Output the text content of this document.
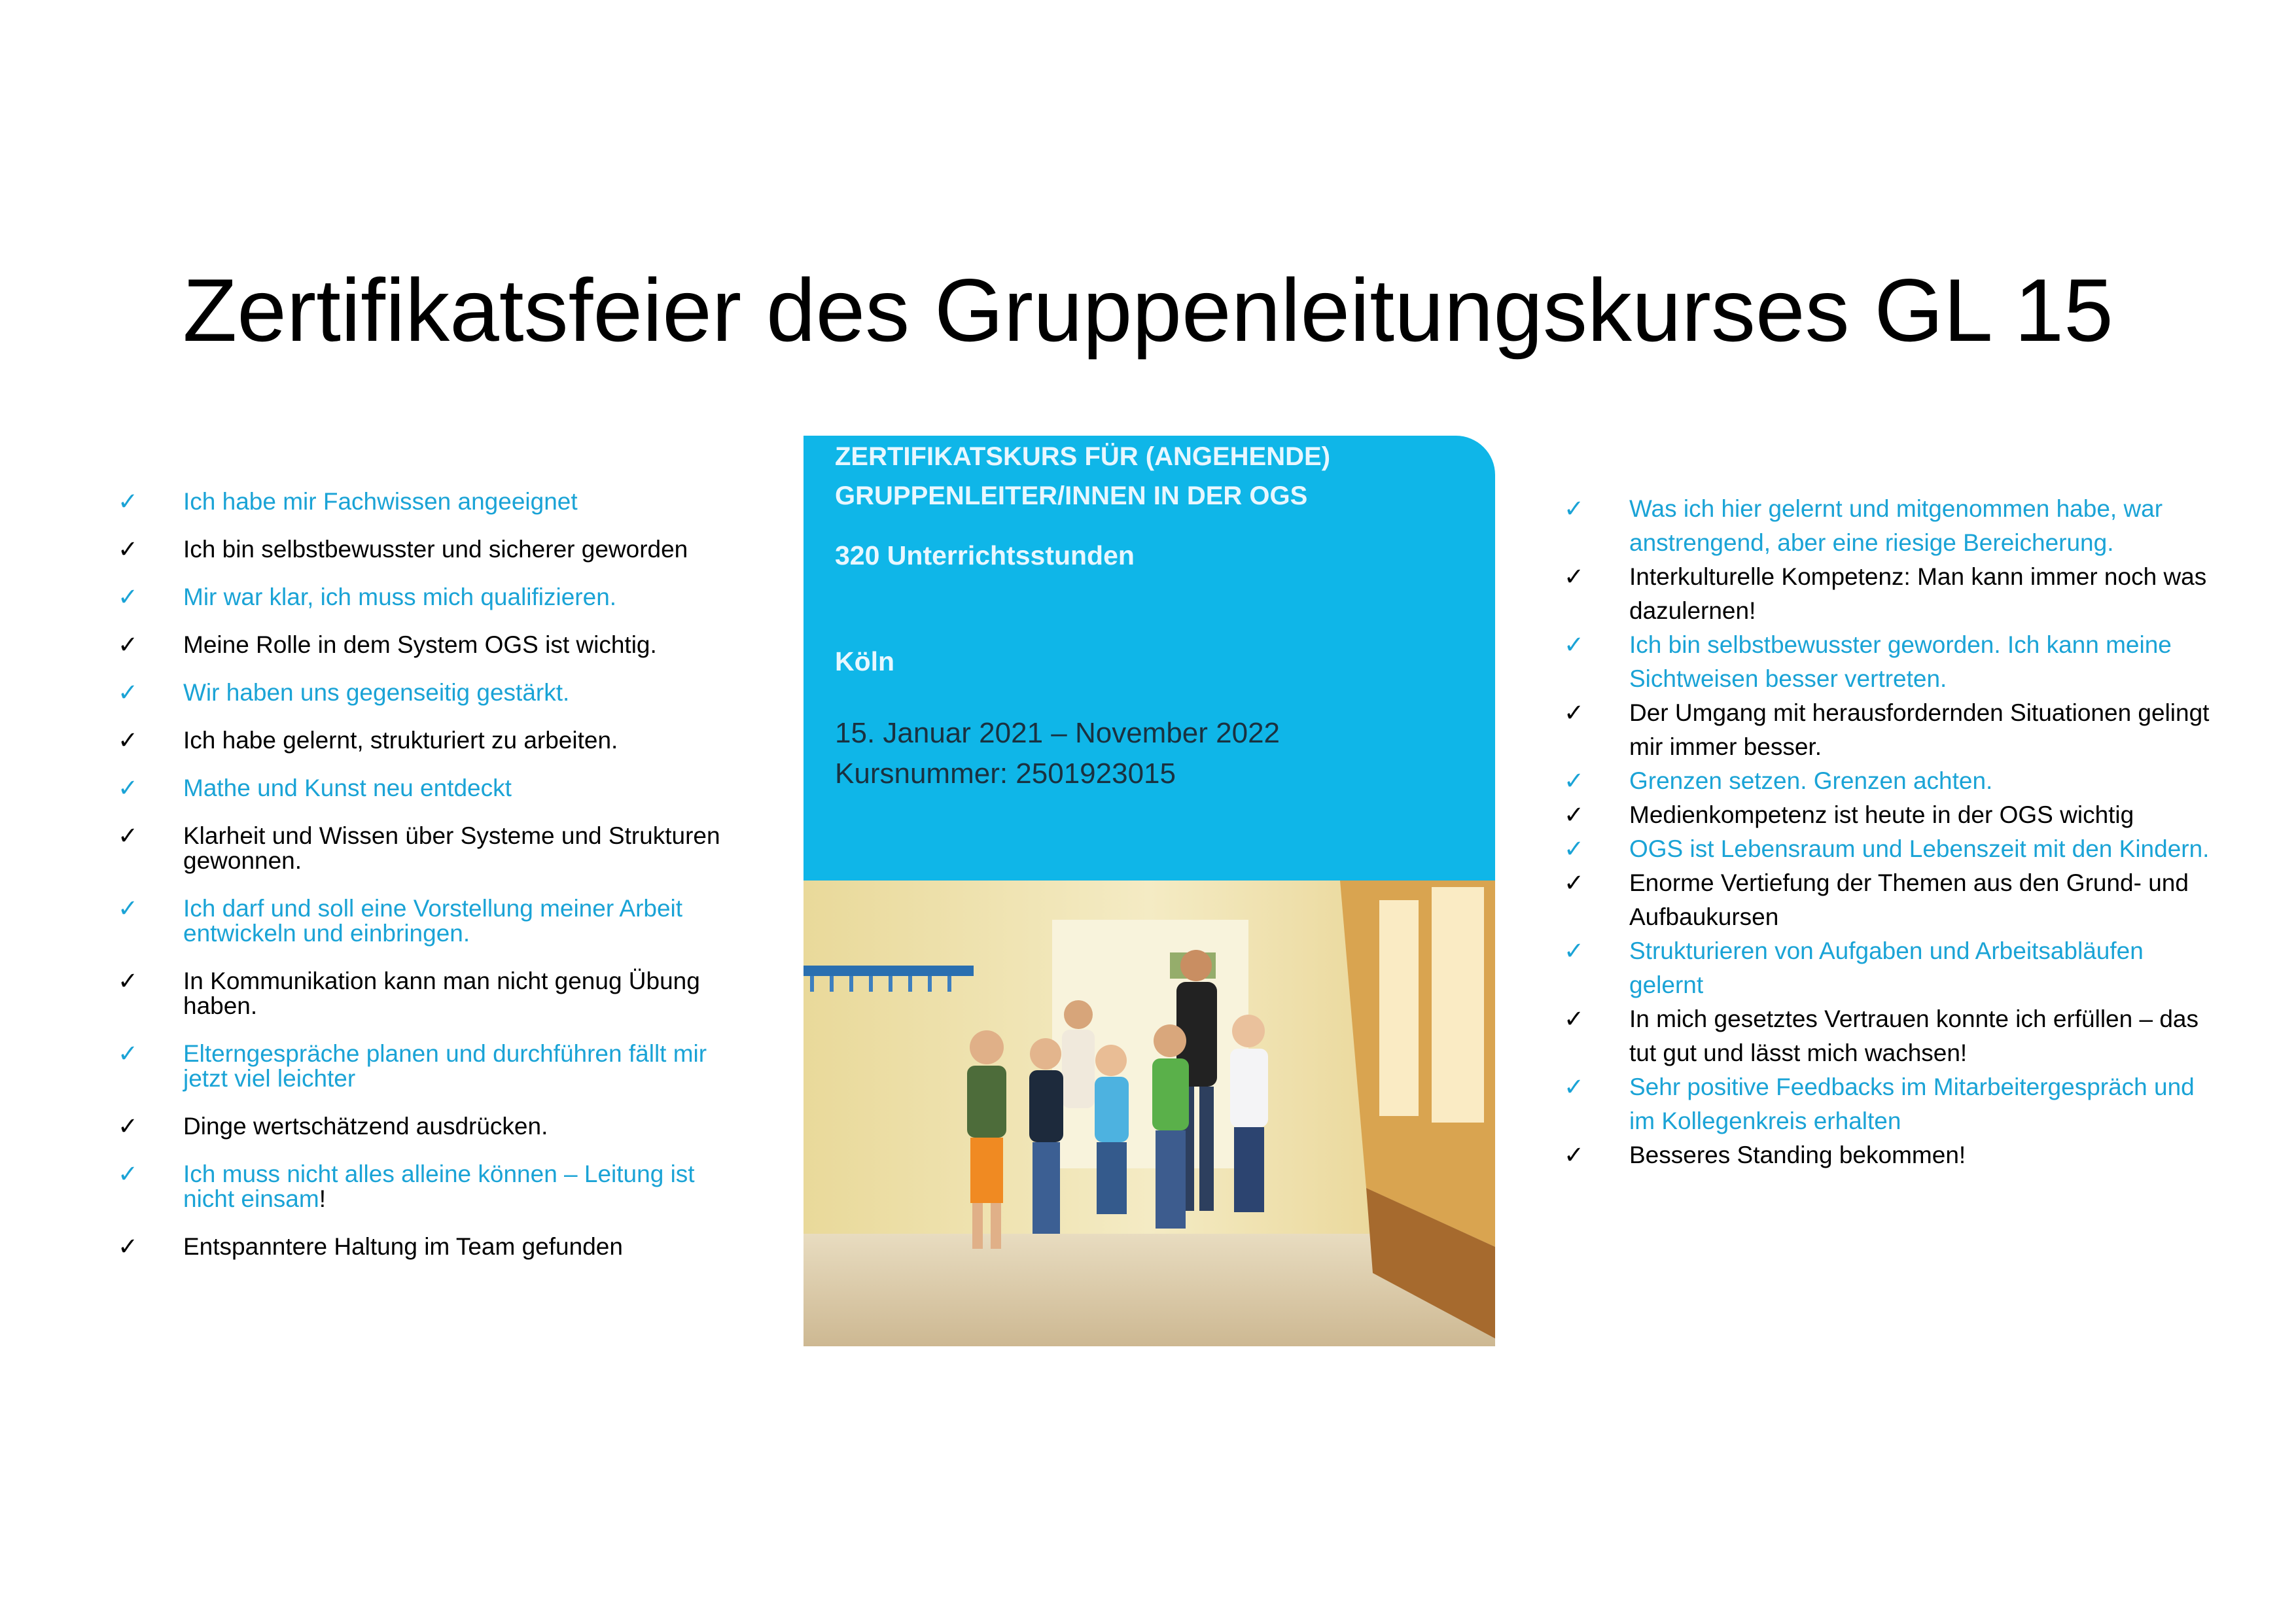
Zertifikatsfeier des Gruppenleitungskurses GL 15
✓ Ich habe mir Fachwissen angeeignet
✓ Ich bin selbstbewusster und sicherer geworden
✓ Mir war klar, ich muss mich qualifizieren.
✓ Meine Rolle in dem System OGS ist wichtig.
✓ Wir haben uns gegenseitig gestärkt.
✓ Ich habe gelernt, strukturiert zu arbeiten.
✓ Mathe und Kunst neu entdeckt
✓ Klarheit und Wissen über Systeme und Strukturen gewonnen.
✓ Ich darf und soll eine Vorstellung meiner Arbeit entwickeln und einbringen.
✓ In Kommunikation kann man nicht genug Übung haben.
✓ Elterngespräche planen und durchführen fällt mir jetzt viel leichter
✓ Dinge wertschätzend ausdrücken.
✓ Ich muss nicht alles alleine können – Leitung ist nicht einsam!
✓ Entspanntere Haltung im Team gefunden

ZERTIFIKATSKURS FÜR (ANGEHENDE)
GRUPPENLEITER/INNEN IN DER OGS

320 Unterrichtsstunden

Köln

15. Januar 2021 – November 2022

Kursnummer: 2501923015

✓ Was ich hier gelernt und mitgenommen habe, war anstrengend, aber eine riesige Bereicherung.
✓ Interkulturelle Kompetenz: Man kann immer noch was dazulernen!
✓ Ich bin selbstbewusster geworden. Ich kann meine Sichtweisen besser vertreten.
✓ Der Umgang mit herausfordernden Situationen gelingt mir immer besser.
✓ Grenzen setzen. Grenzen achten.
✓ Medienkompetenz ist heute in der OGS wichtig
✓ OGS ist Lebensraum und Lebenszeit mit den Kindern.
✓ Enorme Vertiefung der Themen aus den Grund- und Aufbaukursen
✓ Strukturieren von Aufgaben und Arbeitsabläufen gelernt
✓ In mich gesetztes Vertrauen konnte ich erfüllen – das tut gut und lässt mich wachsen!
✓ Sehr positive Feedbacks im Mitarbeitergespräch und im Kollegenkreis erhalten
✓ Besseres Standing bekommen!
